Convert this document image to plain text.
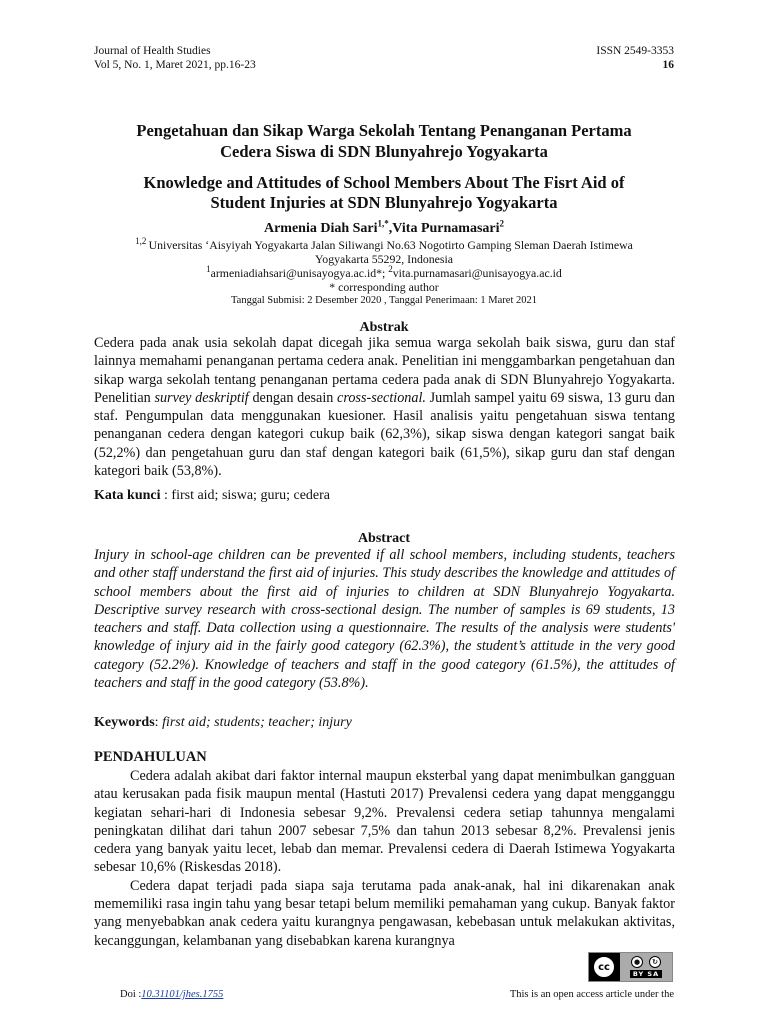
Journal of Health Studies
Vol 5, No. 1, Maret 2021, pp.16-23
ISSN 2549-3353
16
Pengetahuan dan Sikap Warga Sekolah Tentang Penanganan Pertama
Cedera Siswa di SDN Blunyahrejo Yogyakarta
Knowledge and Attitudes of School Members About The Fisrt Aid of
Student Injuries at SDN Blunyahrejo Yogyakarta
Armenia Diah Sari$^{1,*}$,Vita Purnamasari$^2$
$^{1,2}$ Universitas ‘Aisyiyah Yogyakarta Jalan Siliwangi No.63 Nogotirto Gamping Sleman Daerah Istimewa
Yogyakarta 55292, Indonesia
$^1$armeniadiahsari@unisayogya.ac.id*; $^2$vita.purnamasari@unisayogya.ac.id
* corresponding author
Tanggal Submisi: 2 Desember 2020 , Tanggal Penerimaan: 1 Maret 2021
Abstrak

Cedera pada anak usia sekolah dapat dicegah jika semua warga sekolah baik siswa, guru dan staf lainnya memahami penanganan pertama cedera anak. Penelitian ini menggambarkan pengetahuan dan sikap warga sekolah tentang penanganan pertama cedera pada anak di SDN Blunyahrejo Yogyakarta. Penelitian survey deskriptif dengan desain cross-sectional. Jumlah sampel yaitu 69 siswa, 13 guru dan staf. Pengumpulan data menggunakan kuesioner. Hasil analisis yaitu pengetahuan siswa tentang penanganan cedera dengan kategori cukup baik (62,3%), sikap siswa dengan kategori sangat baik (52,2%) dan pengetahuan guru dan staf dengan kategori baik (61,5%), sikap guru dan staf dengan kategori baik (53,8%).

Kata kunci : first aid; siswa; guru; cedera
Abstract

Injury in school-age children can be prevented if all school members, including students, teachers and other staff understand the first aid of injuries. This study describes the knowledge and attitudes of school members about the first aid of injuries to children at SDN Blunyahrejo Yogyakarta. Descriptive survey research with cross-sectional design. The number of samples is 69 students, 13 teachers and staff. Data collection using a questionnaire. The results of the analysis were students' knowledge of injury aid in the fairly good category (62.3%), the student’s attitude in the very good category (52.2%). Knowledge of teachers and staff in the good category (61.5%), the attitudes of teachers and staff in the good category (53.8%).

Keywords: first aid; students; teacher; injury
PENDAHULUAN

Cedera adalah akibat dari faktor internal maupun eksterbal yang dapat menimbulkan gangguan atau kerusakan pada fisik maupun mental (Hastuti 2017) Prevalensi cedera yang dapat mengganggu kegiatan sehari-hari di Indonesia sebesar 9,2%. Prevalensi cedera setiap tahunnya mengalami peningkatan dilihat dari tahun 2007 sebesar 7,5% dan tahun 2013 sebesar 8,2%. Prevalensi jenis cedera yang banyak yaitu lecet, lebab dan memar. Prevalensi cedera di Daerah Istimewa Yogyakarta sebesar 10,6% (Riskesdas 2018).

Cedera dapat terjadi pada siapa saja terutama pada anak-anak, hal ini dikarenakan anak mememiliki rasa ingin tahu yang besar tetapi belum memiliki pemahaman yang cukup. Banyak faktor yang menyebabkan anak cedera yaitu kurangnya pengawasan, kebebasan untuk melakukan aktivitas, kecanggungan, kelambanan yang disebabkan karena kurangnya

cc	●	↻
BY SA
Doi :10.31101/jhes.1755	This is an open access article under the
